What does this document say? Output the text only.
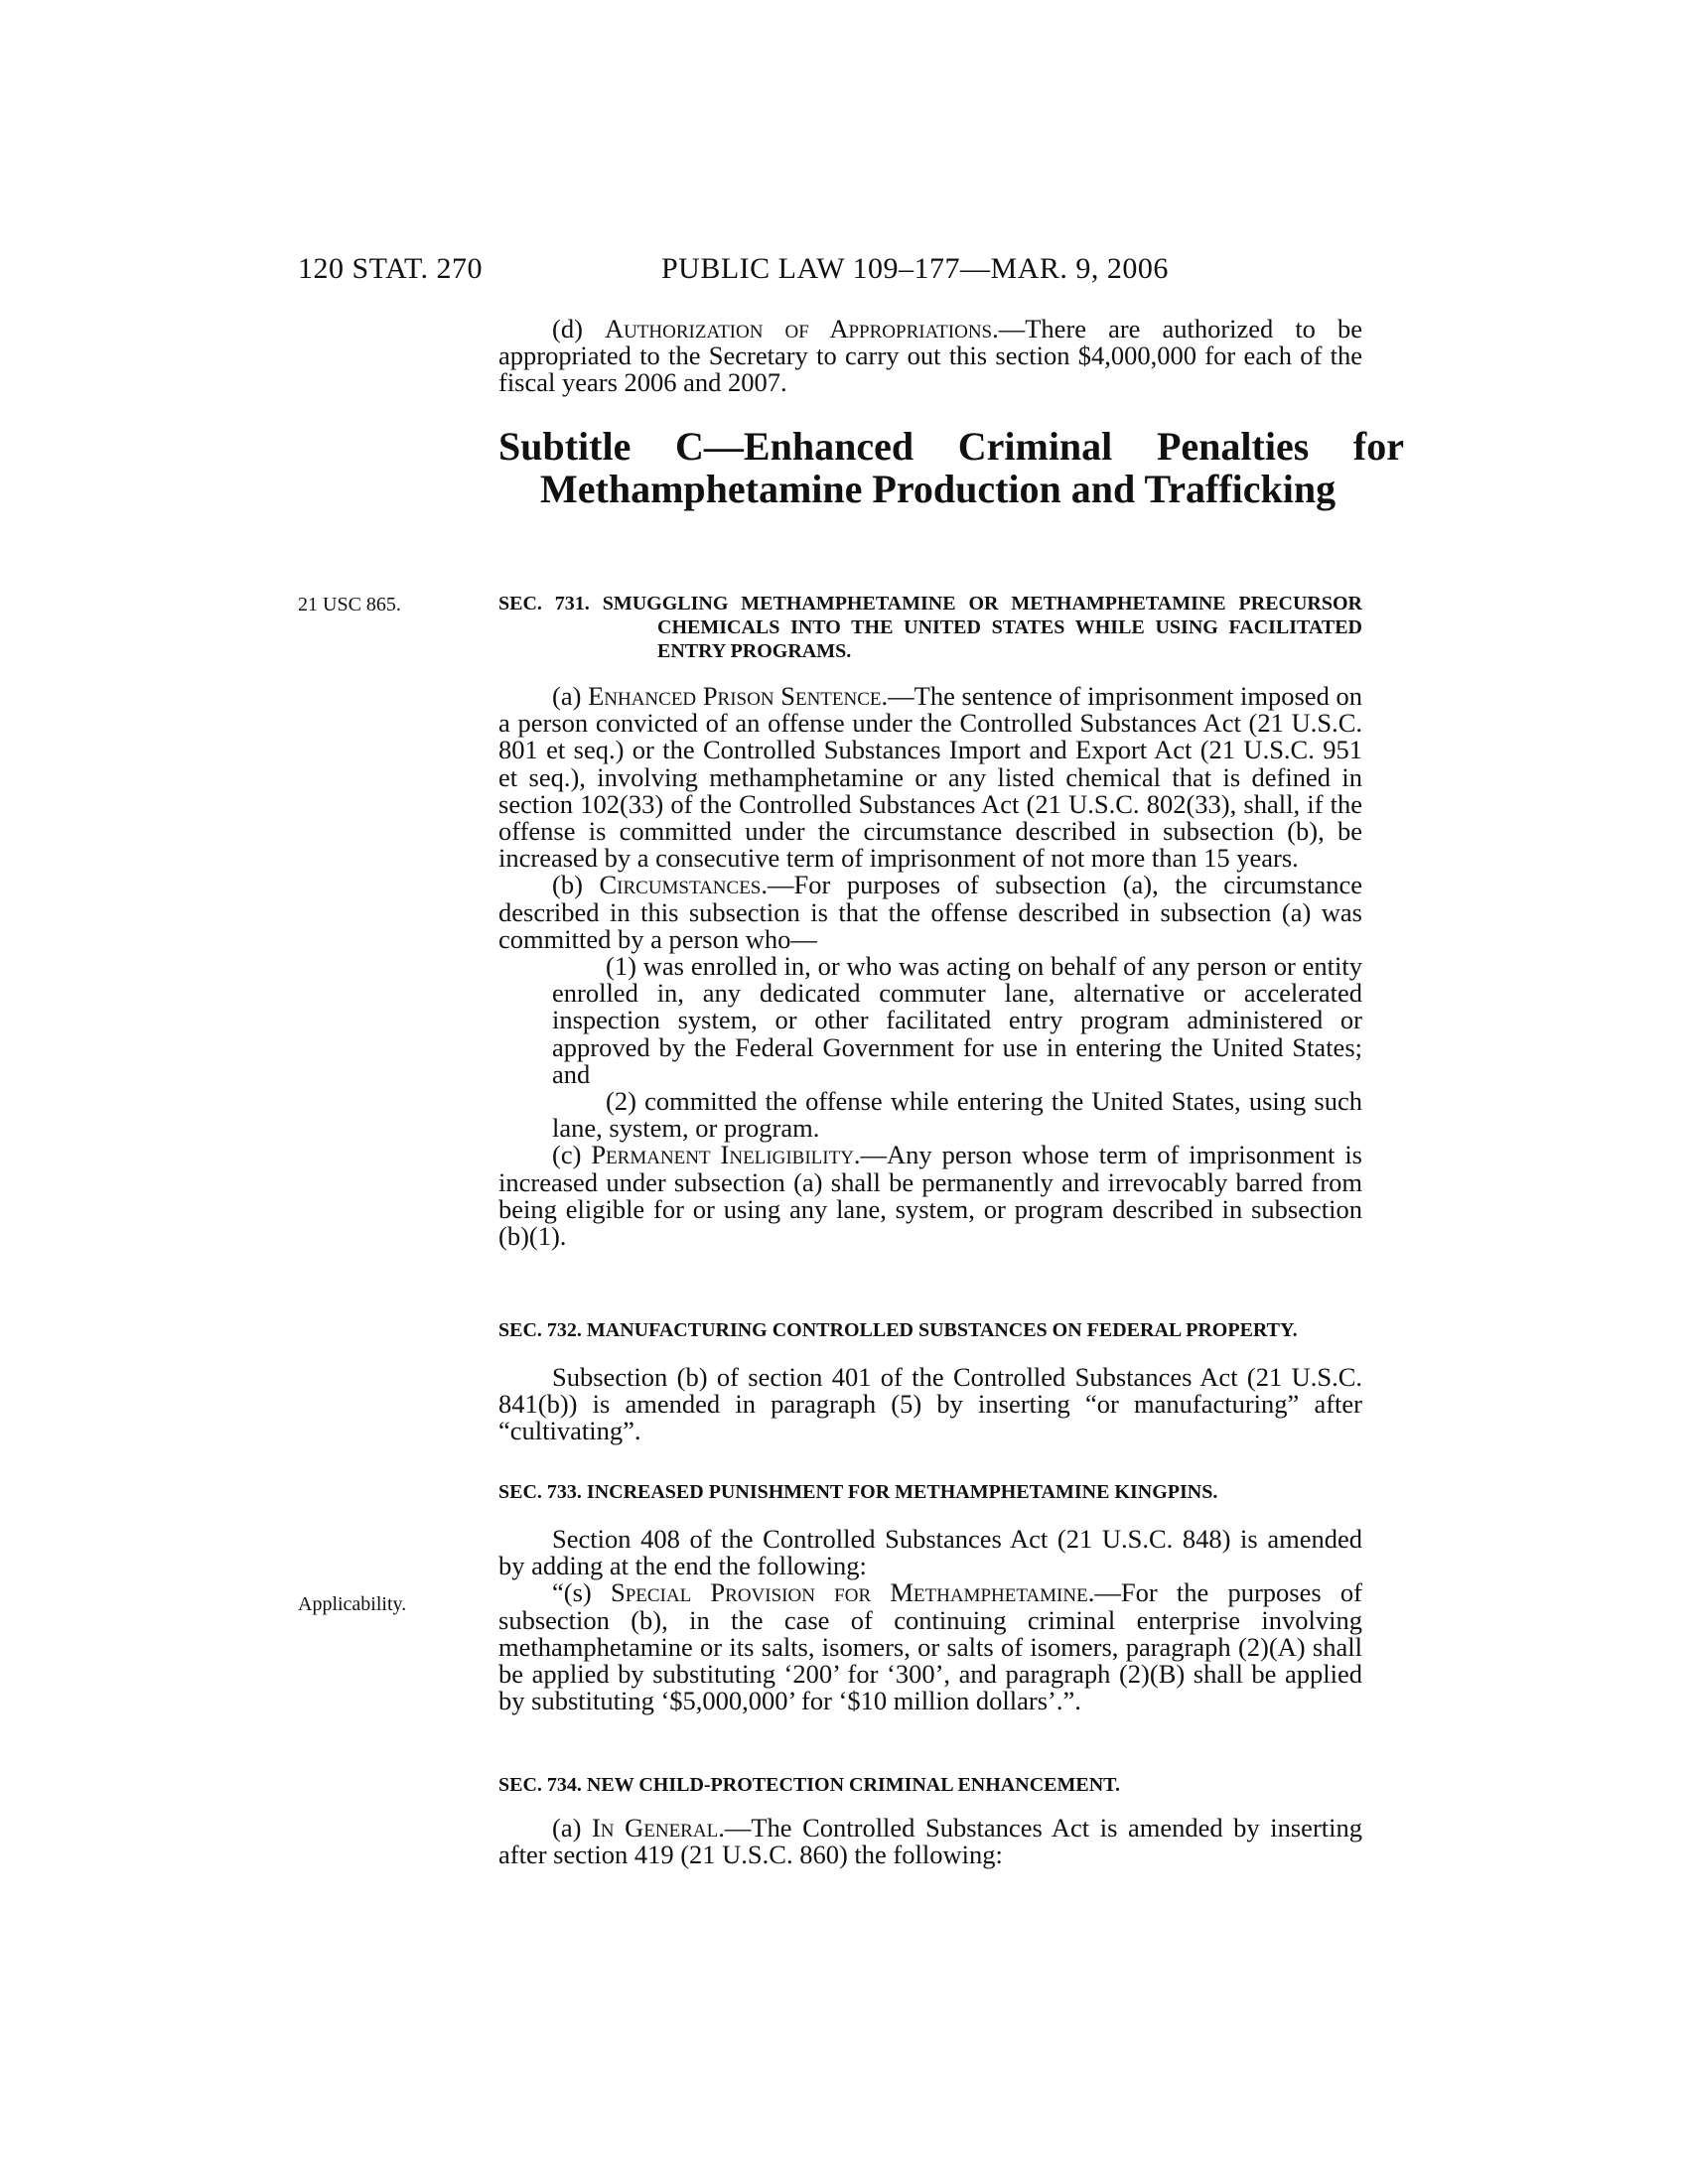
120 STAT. 270	PUBLIC LAW 109–177—MAR. 9, 2006

(d) Authorization of Appropriations.—There are authorized to be appropriated to the Secretary to carry out this section $4,000,000 for each of the fiscal years 2006 and 2007.

Subtitle C—Enhanced Criminal Penalties for Methamphetamine Production and Trafficking
21 USC 865.	SEC. 731. SMUGGLING METHAMPHETAMINE OR METHAMPHETAMINE PRECURSOR CHEMICALS INTO THE UNITED STATES WHILE USING FACILITATED ENTRY PROGRAMS.

(a) Enhanced Prison Sentence.—The sentence of imprisonment imposed on a person convicted of an offense under the Controlled Substances Act (21 U.S.C. 801 et seq.) or the Controlled Substances Import and Export Act (21 U.S.C. 951 et seq.), involving methamphetamine or any listed chemical that is defined in section 102(33) of the Controlled Substances Act (21 U.S.C. 802(33), shall, if the offense is committed under the circumstance described in subsection (b), be increased by a consecutive term of imprisonment of not more than 15 years.

(b) Circumstances.—For purposes of subsection (a), the circumstance described in this subsection is that the offense described in subsection (a) was committed by a person who—

(1) was enrolled in, or who was acting on behalf of any person or entity enrolled in, any dedicated commuter lane, alternative or accelerated inspection system, or other facilitated entry program administered or approved by the Federal Government for use in entering the United States; and

(2) committed the offense while entering the United States, using such lane, system, or program.

(c) Permanent Ineligibility.—Any person whose term of imprisonment is increased under subsection (a) shall be permanently and irrevocably barred from being eligible for or using any lane, system, or program described in subsection (b)(1).

SEC. 732. MANUFACTURING CONTROLLED SUBSTANCES ON FEDERAL PROPERTY.

Subsection (b) of section 401 of the Controlled Substances Act (21 U.S.C. 841(b)) is amended in paragraph (5) by inserting “or manufacturing” after “cultivating”.

SEC. 733. INCREASED PUNISHMENT FOR METHAMPHETAMINE KINGPINS.

Section 408 of the Controlled Substances Act (21 U.S.C. 848) is amended by adding at the end the following:

“(s) Special Provision for Methamphetamine.—For the purposes of subsection (b), in the case of continuing criminal enterprise involving methamphetamine or its salts, isomers, or salts of isomers, paragraph (2)(A) shall be applied by substituting ‘200’ for ‘300’, and paragraph (2)(B) shall be applied by substituting ‘$5,000,000’ for ‘$10 million dollars’.”.

Applicability.

SEC. 734. NEW CHILD-PROTECTION CRIMINAL ENHANCEMENT.

(a) In General.—The Controlled Substances Act is amended by inserting after section 419 (21 U.S.C. 860) the following:
